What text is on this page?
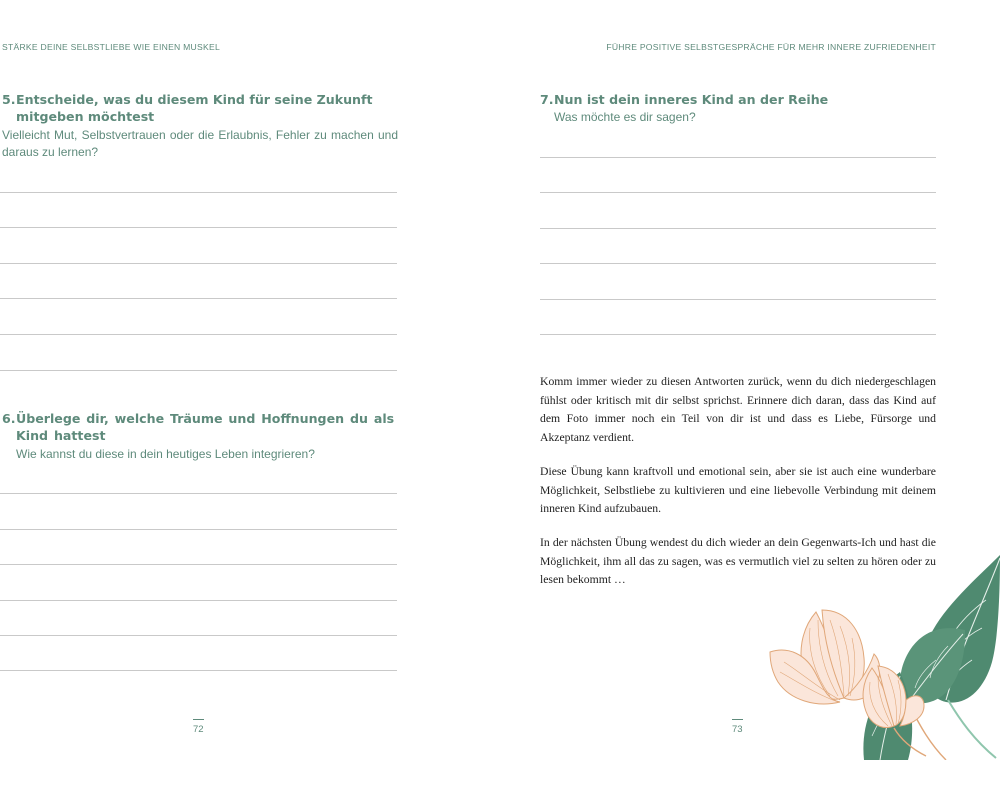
STÄRKE DEINE SELBSTLIEBE WIE EINEN MUSKEL	FÜHRE POSITIVE SELBSTGESPRÄCHE FÜR MEHR INNERE ZUFRIEDENHEIT
5. Entscheide, was du diesem Kind für seine Zukunft mitgeben möchtest
Vielleicht Mut, Selbstvertrauen oder die Erlaubnis, Fehler zu machen und daraus zu lernen?
6. Überlege dir, welche Träume und Hoffnungen du als Kind hattest
Wie kannst du diese in dein heutiges Leben integrieren?
72
7. Nun ist dein inneres Kind an der Reihe
Was möchte es dir sagen?

Komm immer wieder zu diesen Antworten zurück, wenn du dich niedergeschlagen fühlst oder kritisch mit dir selbst sprichst. Erinnere dich daran, dass das Kind auf dem Foto immer noch ein Teil von dir ist und dass es Liebe, Fürsorge und Akzeptanz verdient.

Diese Übung kann kraftvoll und emotional sein, aber sie ist auch eine wunderbare Möglichkeit, Selbstliebe zu kultivieren und eine liebevolle Verbindung mit deinem inneren Kind aufzubauen.

In der nächsten Übung wendest du dich wieder an dein Gegenwarts-Ich und hast die Möglichkeit, ihm all das zu sagen, was es vermutlich viel zu selten zu hören oder zu lesen bekommt …

73
